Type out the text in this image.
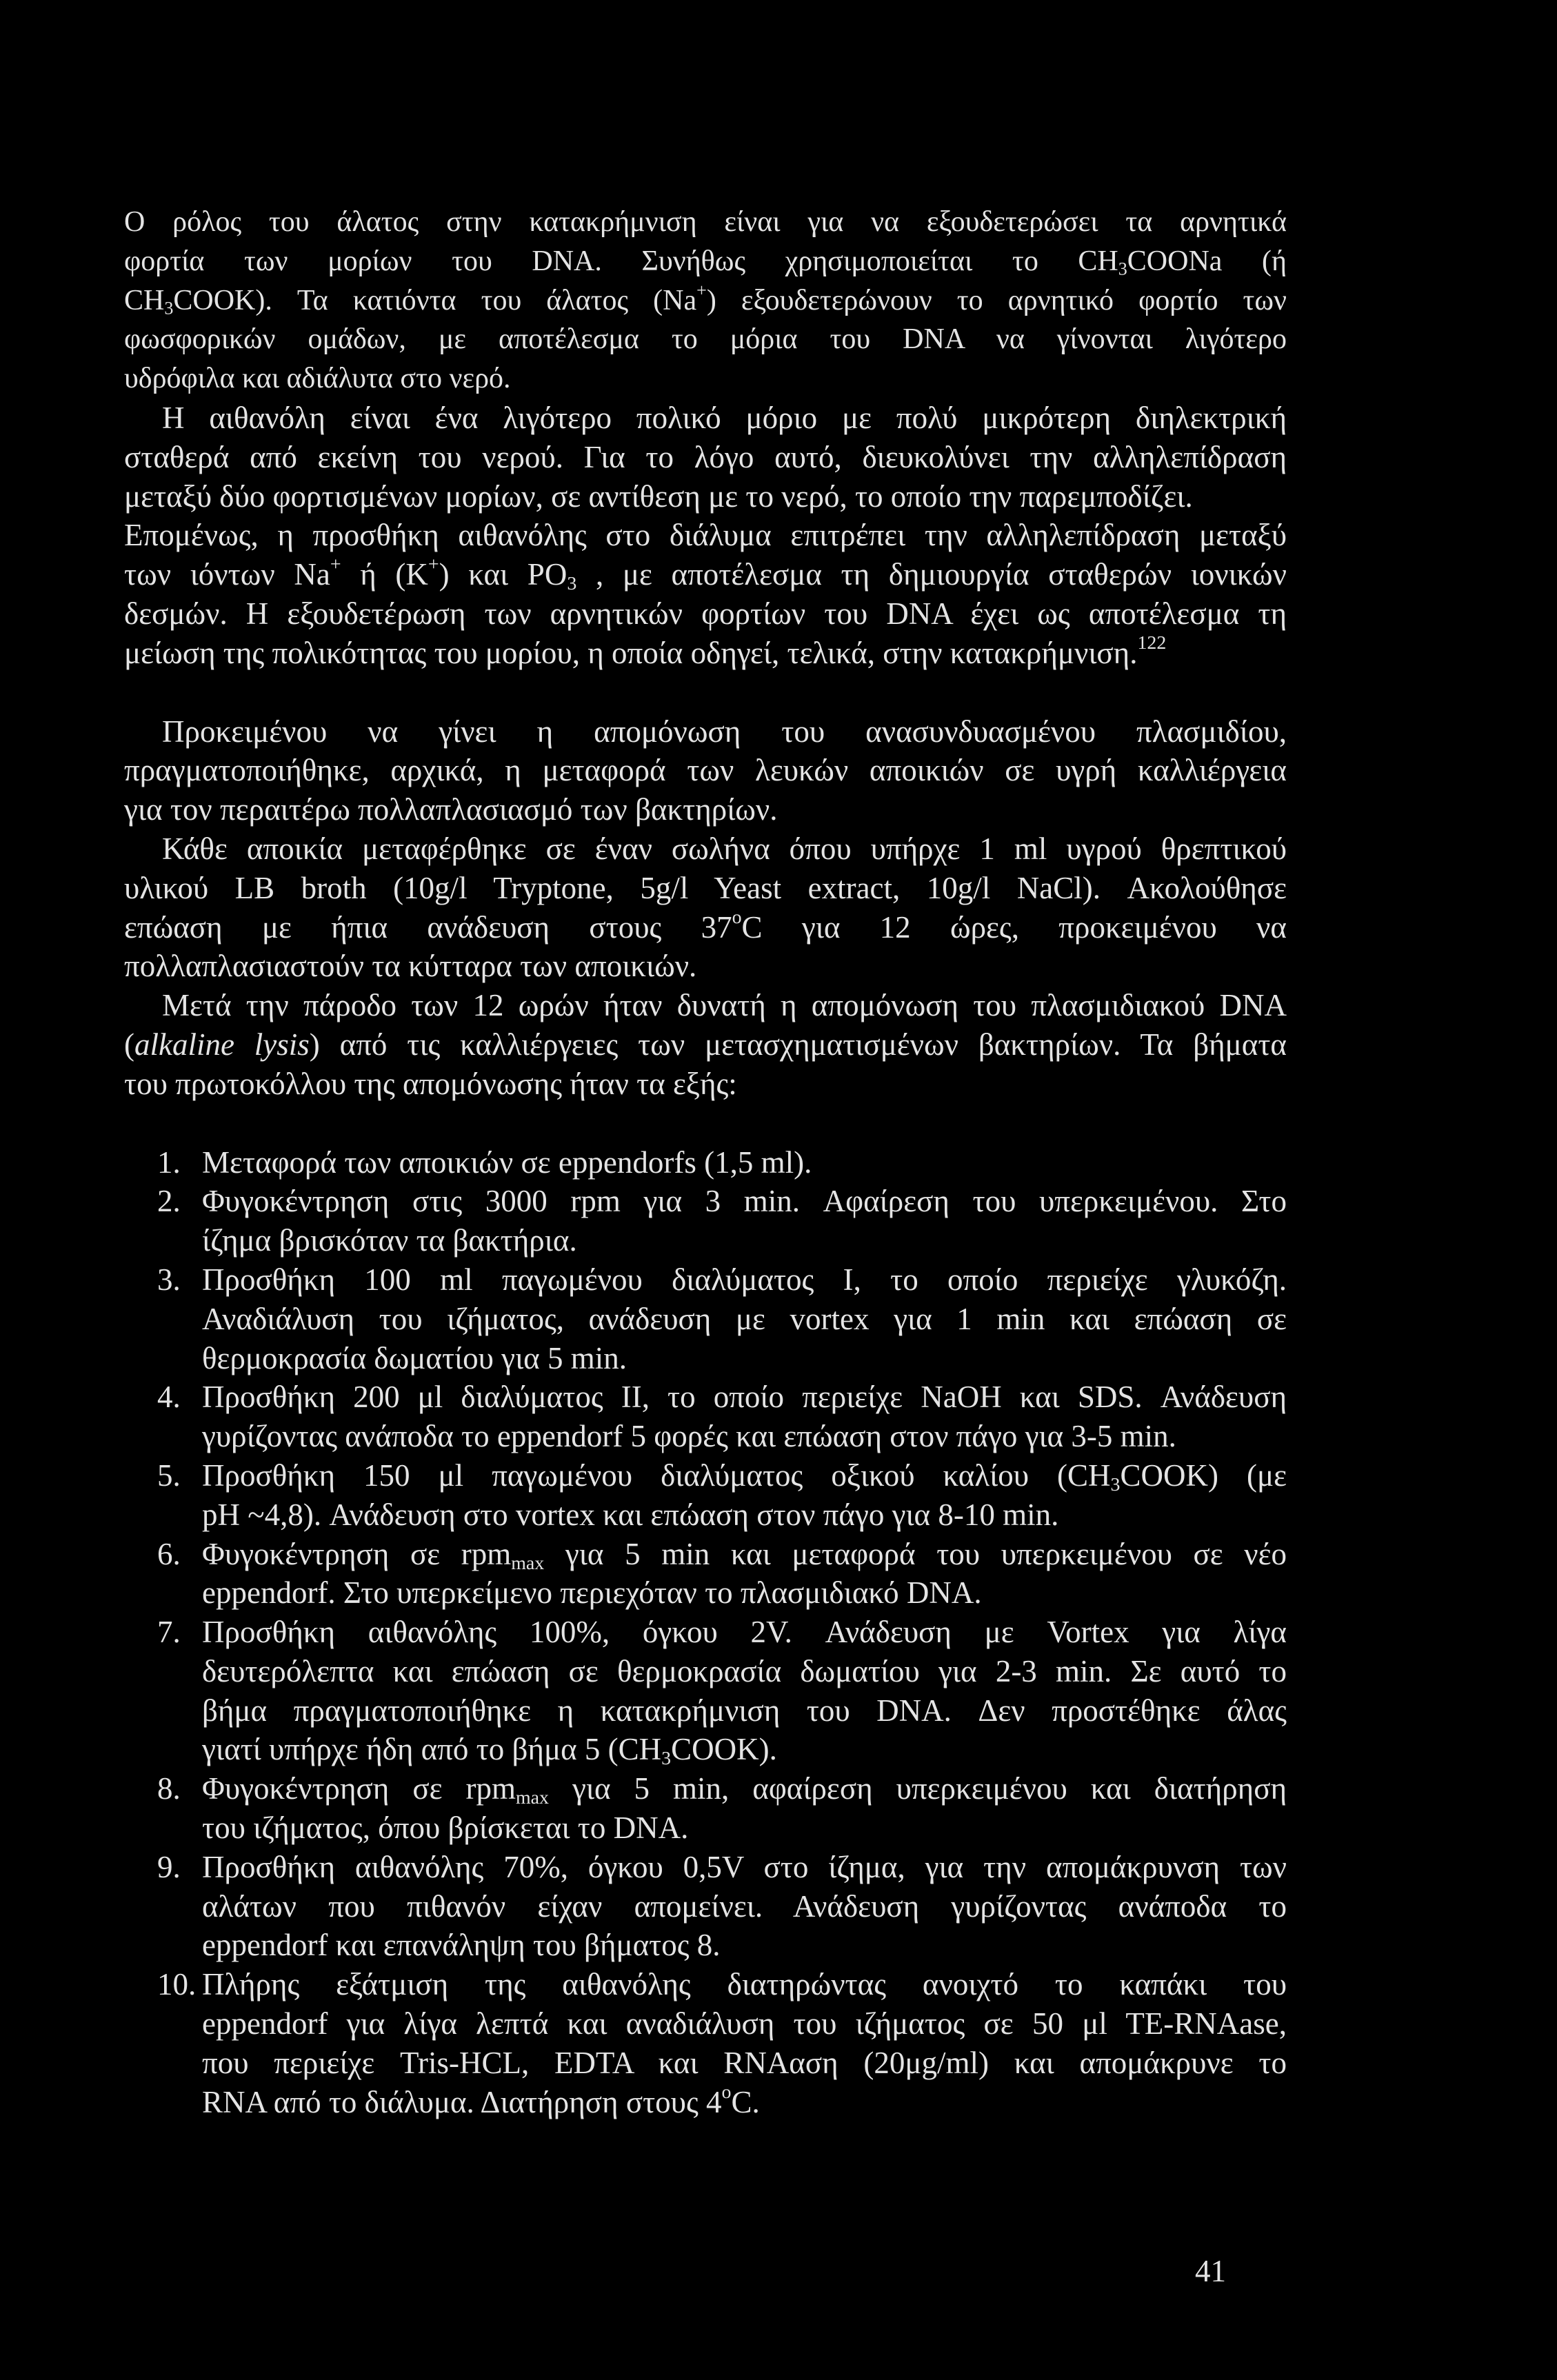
Ο ρόλος του άλατος στην κατακρήμνιση είναι για να εξουδετερώσει τα αρνητικά
φορτία των μορίων του DNA. Συνήθως χρησιμοποιείται το $CH_3COONa$ (ή
$CH_3COOK$). Τα κατιόντα του άλατος (Na+) εξουδετερώνουν το αρνητικό φορτίο των
φωσφορικών ομάδων, με αποτέλεσμα το μόρια του DNA να γίνονται λιγότερο
υδρόφιλα και αδιάλυτα στο νερό.
Η αιθανόλη είναι ένα λιγότερο πολικό μόριο με πολύ μικρότερη διηλεκτρική
σταθερά από εκείνη του νερού. Για το λόγο αυτό, διευκολύνει την αλληλεπίδραση
μεταξύ δύο φορτισμένων μορίων, σε αντίθεση με το νερό, το οποίο την παρεμποδίζει.
Επομένως, η προσθήκη αιθανόλης στο διάλυμα επιτρέπει την αλληλεπίδραση μεταξύ
των ιόντων Na+ ή (K+) και $PO_3$ , με αποτέλεσμα τη δημιουργία σταθερών ιονικών
δεσμών. Η εξουδετέρωση των αρνητικών φορτίων του DNA έχει ως αποτέλεσμα τη
μείωση της πολικότητας του μορίου, η οποία οδηγεί, τελικά, στην κατακρήμνιση.$^{122}$
Προκειμένου να γίνει η απομόνωση του ανασυνδυασμένου πλασμιδίου,
πραγματοποιήθηκε, αρχικά, η μεταφορά των λευκών αποικιών σε υγρή καλλιέργεια
για τον περαιτέρω πολλαπλασιασμό των βακτηρίων.
Κάθε αποικία μεταφέρθηκε σε έναν σωλήνα όπου υπήρχε 1 ml υγρού θρεπτικού
υλικού LB broth (10g/l Tryptone, 5g/l Yeast extract, 10g/l NaCl). Ακολούθησε
επώαση με ήπια ανάδευση στους 37$^o$C για 12 ώρες, προκειμένου να
πολλαπλασιαστούν τα κύτταρα των αποικιών.
Μετά την πάροδο των 12 ωρών ήταν δυνατή η απομόνωση του πλασμιδιακού DNA
(alkaline lysis) από τις καλλιέργειες των μετασχηματισμένων βακτηρίων. Τα βήματα
του πρωτοκόλλου της απομόνωσης ήταν τα εξής:
1. Μεταφορά των αποικιών σε eppendorfs (1,5 ml).
2. Φυγοκέντρηση στις 3000 rpm για 3 min. Αφαίρεση του υπερκειμένου. Στο
ίζημα βρισκόταν τα βακτήρια.
3. Προσθήκη 100 ml παγωμένου διαλύματος Ι, το οποίο περιείχε γλυκόζη.
Αναδιάλυση του ιζήματος, ανάδευση με vortex για 1 min και επώαση σε
θερμοκρασία δωματίου για 5 min.
4. Προσθήκη 200 μl διαλύματος ΙΙ, το οποίο περιείχε NaOH και SDS. Ανάδευση
γυρίζοντας ανάποδα το eppendorf 5 φορές και επώαση στον πάγο για 3-5 min.
5. Προσθήκη 150 μl παγωμένου διαλύματος οξικού καλίου $(CH_3COOK)$ (με
pH ~4,8). Ανάδευση στο vortex και επώαση στον πάγο για 8-10 min.
6. Φυγοκέντρηση σε rpm$_{max}$ για 5 min και μεταφορά του υπερκειμένου σε νέο
eppendorf. Στο υπερκείμενο περιεχόταν το πλασμιδιακό DNA.
7. Προσθήκη αιθανόλης 100%, όγκου 2V. Ανάδευση με Vortex για λίγα
δευτερόλεπτα και επώαση σε θερμοκρασία δωματίου για 2-3 min. Σε αυτό το
βήμα πραγματοποιήθηκε η κατακρήμνιση του DNA. Δεν προστέθηκε άλας
γιατί υπήρχε ήδη από το βήμα 5 $(CH_3COOK)$.
8. Φυγοκέντρηση σε rpm$_{max}$ για 5 min, αφαίρεση υπερκειμένου και διατήρηση
του ιζήματος, όπου βρίσκεται το DNA.
9. Προσθήκη αιθανόλης 70%, όγκου 0,5V στο ίζημα, για την απομάκρυνση των
αλάτων που πιθανόν είχαν απομείνει. Ανάδευση γυρίζοντας ανάποδα το
eppendorf και επανάληψη του βήματος 8.
10. Πλήρης εξάτμιση της αιθανόλης διατηρώντας ανοιχτό το καπάκι του
eppendorf για λίγα λεπτά και αναδιάλυση του ιζήματος σε 50 μl TE-RNAase,
που περιείχε Tris-HCL, EDTA και RNAαση (20μg/ml) και απομάκρυνε το
RNA από το διάλυμα. Διατήρηση στους 4$^o$C.
41
